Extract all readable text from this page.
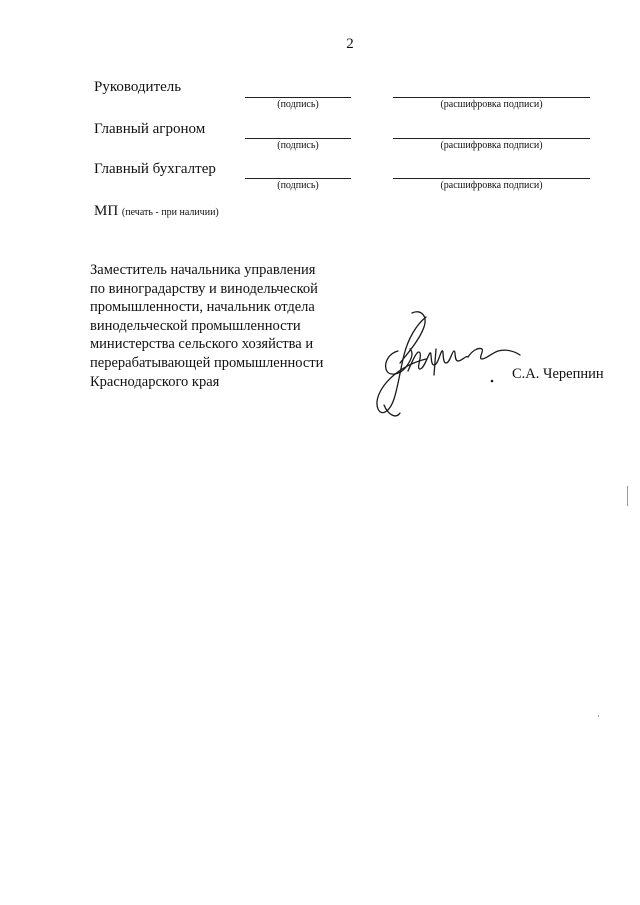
2
Руководитель
(подпись)	(расшифровка подписи)
Главный агроном
(подпись)	(расшифровка подписи)
Главный бухгалтер
(подпись)	(расшифровка подписи)
МП (печать - при наличии)
Заместитель начальника управления
по виноградарству и винодельческой
промышленности, начальник отдела
винодельческой промышленности
министерства сельского хозяйства и
перерабатывающей промышленности
Краснодарского края	С.А. Черепнин
